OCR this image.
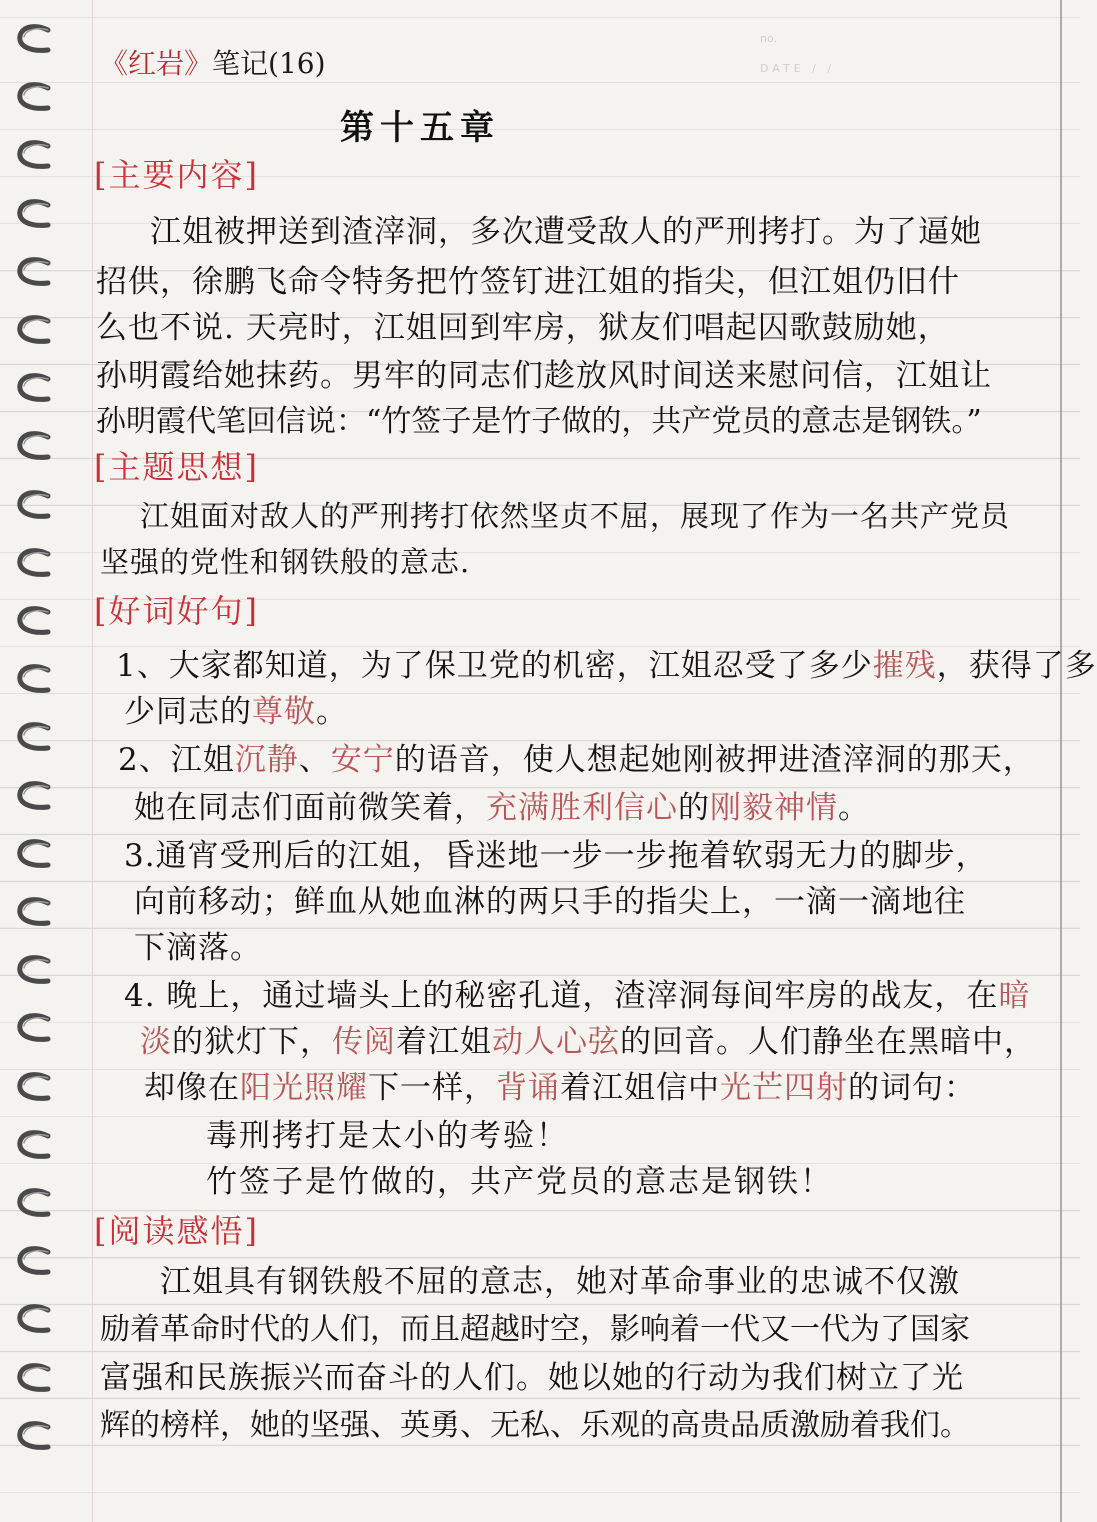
no.
DATE / /
《红岩》笔记(16)
第十五章
[主要内容]
江姐被押送到渣滓洞，多次遭受敌人的严刑拷打。为了逼她
招供，徐鹏飞命令特务把竹签钉进江姐的指尖，但江姐仍旧什
么也不说. 天亮时，江姐回到牢房，狱友们唱起囚歌鼓励她，
孙明霞给她抹药。男牢的同志们趁放风时间送来慰问信，江姐让
孙明霞代笔回信说：“竹签子是竹子做的，共产党员的意志是钢铁。”
[主题思想]
江姐面对敌人的严刑拷打依然坚贞不屈，展现了作为一名共产党员
坚强的党性和钢铁般的意志.
[好词好句]
1、大家都知道，为了保卫党的机密，江姐忍受了多少摧残，获得了多
少同志的尊敬。
2、江姐沉静、安宁的语音，使人想起她刚被押进渣滓洞的那天，
她在同志们面前微笑着，充满胜利信心的刚毅神情。
3.通宵受刑后的江姐，昏迷地一步一步拖着软弱无力的脚步，
向前移动；鲜血从她血淋的两只手的指尖上，一滴一滴地往
下滴落。
4. 晚上，通过墙头上的秘密孔道，渣滓洞每间牢房的战友，在暗
淡的狱灯下，传阅着江姐动人心弦的回音。人们静坐在黑暗中，
却像在阳光照耀下一样，背诵着江姐信中光芒四射的词句：
毒刑拷打是太小的考验！
竹签子是竹做的，共产党员的意志是钢铁！
[阅读感悟]
江姐具有钢铁般不屈的意志，她对革命事业的忠诚不仅激
励着革命时代的人们，而且超越时空，影响着一代又一代为了国家
富强和民族振兴而奋斗的人们。她以她的行动为我们树立了光
辉的榜样，她的坚强、英勇、无私、乐观的高贵品质激励着我们。
